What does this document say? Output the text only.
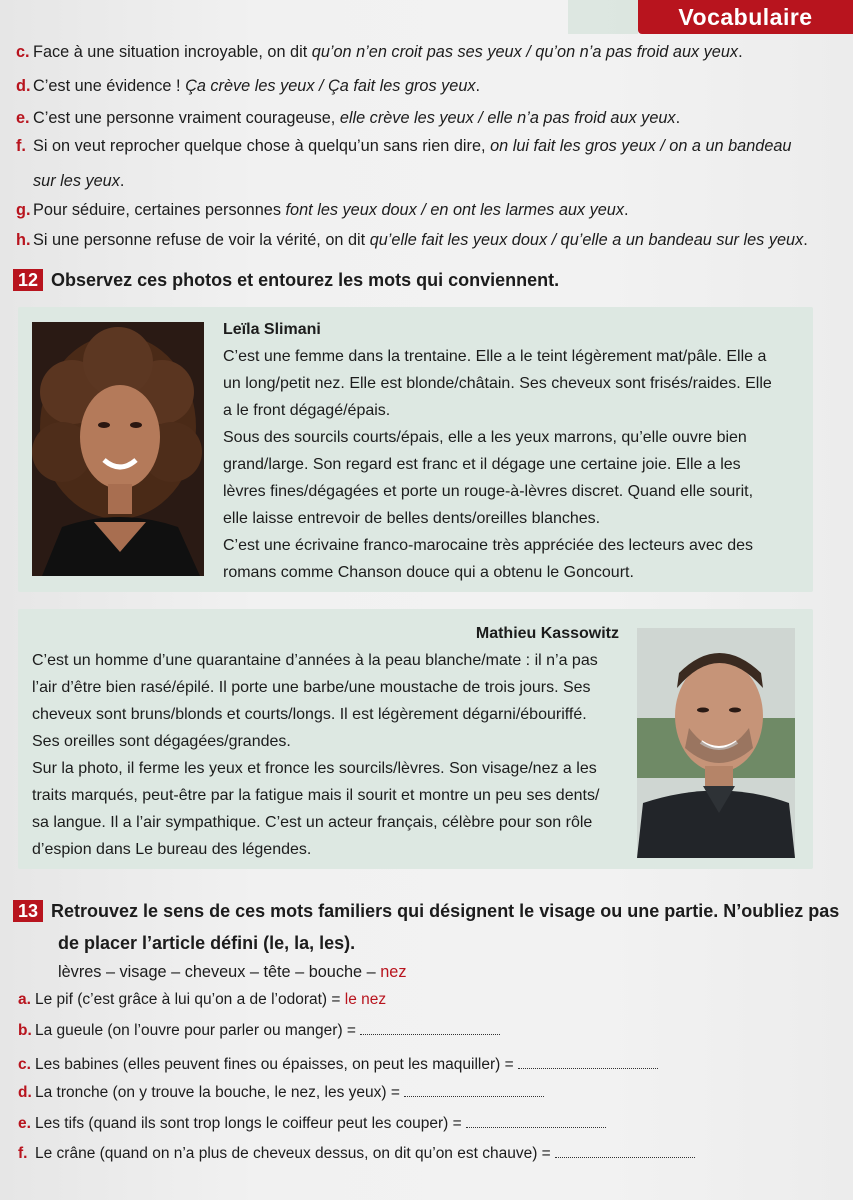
Vocabulaire
c. Face à une situation incroyable, on dit qu’on n’en croit pas ses yeux / qu’on n’a pas froid aux yeux.
d. C’est une évidence ! Ça crève les yeux / Ça fait les gros yeux.
e. C’est une personne vraiment courageuse, elle crève les yeux / elle n’a pas froid aux yeux.
f. Si on veut reprocher quelque chose à quelqu’un sans rien dire, on lui fait les gros yeux / on a un bandeau
sur les yeux.
g. Pour séduire, certaines personnes font les yeux doux / en ont les larmes aux yeux.
h. Si une personne refuse de voir la vérité, on dit qu’elle fait les yeux doux / qu’elle a un bandeau sur les yeux.
12 Observez ces photos et entourez les mots qui conviennent.
Leïla Slimani

C’est une femme dans la trentaine. Elle a le teint légèrement mat/pâle. Elle a

un long/petit nez. Elle est blonde/châtain. Ses cheveux sont frisés/raides. Elle

a le front dégagé/épais.

Sous des sourcils courts/épais, elle a les yeux marrons, qu’elle ouvre bien

grand/large. Son regard est franc et il dégage une certaine joie. Elle a les

lèvres fines/dégagées et porte un rouge-à-lèvres discret. Quand elle sourit,

elle laisse entrevoir de belles dents/oreilles blanches.

C’est une écrivaine franco-marocaine très appréciée des lecteurs avec des

romans comme Chanson douce qui a obtenu le Goncourt.

Mathieu Kassowitz

C’est un homme d’une quarantaine d’années à la peau blanche/mate : il n’a pas

l’air d’être bien rasé/épilé. Il porte une barbe/une moustache de trois jours. Ses

cheveux sont bruns/blonds et courts/longs. Il est légèrement dégarni/ébouriffé.

Ses oreilles sont dégagées/grandes.

Sur la photo, il ferme les yeux et fronce les sourcils/lèvres. Son visage/nez a les

traits marqués, peut-être par la fatigue mais il sourit et montre un peu ses dents/

sa langue. Il a l’air sympathique. C’est un acteur français, célèbre pour son rôle

d’espion dans Le bureau des légendes.

13 Retrouvez le sens de ces mots familiers qui désignent le visage ou une partie. N’oubliez pas
de placer l’article défini (le, la, les).
lèvres – visage – cheveux – tête – bouche – nez
a. Le pif (c’est grâce à lui qu’on a de l’odorat) = le nez
b. La gueule (on l’ouvre pour parler ou manger) =
c. Les babines (elles peuvent fines ou épaisses, on peut les maquiller) =
d. La tronche (on y trouve la bouche, le nez, les yeux) =
e. Les tifs (quand ils sont trop longs le coiffeur peut les couper) =
f. Le crâne (quand on n’a plus de cheveux dessus, on dit qu’on est chauve) =
